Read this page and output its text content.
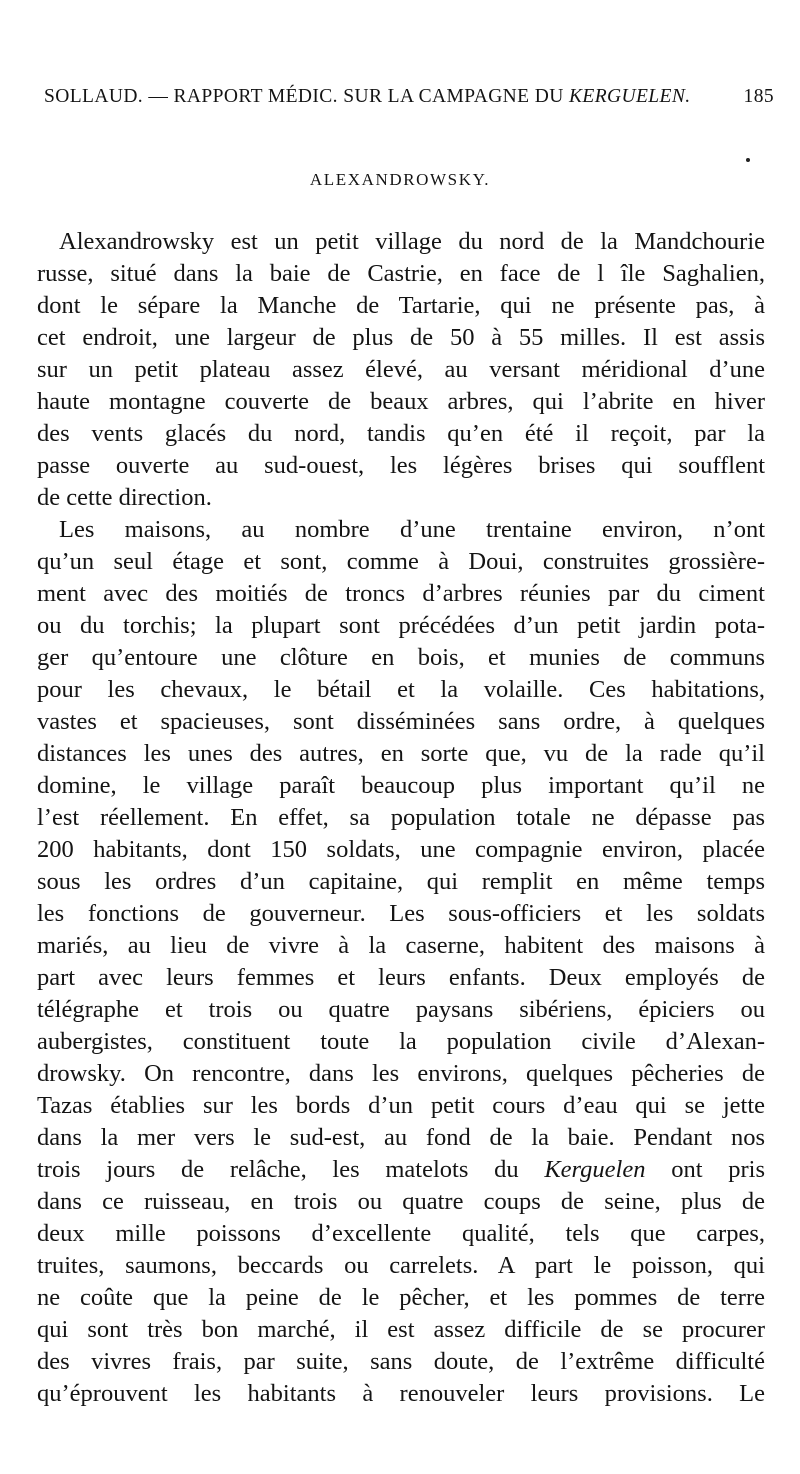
SOLLAUD. — RAPPORT MÉDIC. SUR LA CAMPAGNE DU KERGUELEN.	185
ALEXANDROWSKY.
Alexandrowsky est un petit village du nord de la Mandchourie
russe, situé dans la baie de Castrie, en face de l île Saghalien,
dont le sépare la Manche de Tartarie, qui ne présente pas, à
cet endroit, une largeur de plus de 50 à 55 milles. Il est assis
sur un petit plateau assez élevé, au versant méridional d’une
haute montagne couverte de beaux arbres, qui l’abrite en hiver
des vents glacés du nord, tandis qu’en été il reçoit, par la
passe ouverte au sud-ouest, les légères brises qui soufflent
de cette direction.
Les maisons, au nombre d’une trentaine environ, n’ont
qu’un seul étage et sont, comme à Doui, construites grossière-
ment avec des moitiés de troncs d’arbres réunies par du ciment
ou du torchis; la plupart sont précédées d’un petit jardin pota-
ger qu’entoure une clôture en bois, et munies de communs
pour les chevaux, le bétail et la volaille. Ces habitations,
vastes et spacieuses, sont disséminées sans ordre, à quelques
distances les unes des autres, en sorte que, vu de la rade qu’il
domine, le village paraît beaucoup plus important qu’il ne
l’est réellement. En effet, sa population totale ne dépasse pas
200 habitants, dont 150 soldats, une compagnie environ, placée
sous les ordres d’un capitaine, qui remplit en même temps
les fonctions de gouverneur. Les sous-officiers et les soldats
mariés, au lieu de vivre à la caserne, habitent des maisons à
part avec leurs femmes et leurs enfants. Deux employés de
télégraphe et trois ou quatre paysans sibériens, épiciers ou
aubergistes, constituent toute la population civile d’Alexan-
drowsky. On rencontre, dans les environs, quelques pêcheries de
Tazas établies sur les bords d’un petit cours d’eau qui se jette
dans la mer vers le sud-est, au fond de la baie. Pendant nos
trois jours de relâche, les matelots du Kerguelen ont pris
dans ce ruisseau, en trois ou quatre coups de seine, plus de
deux mille poissons d’excellente qualité, tels que carpes,
truites, saumons, beccards ou carrelets. A part le poisson, qui
ne coûte que la peine de le pêcher, et les pommes de terre
qui sont très bon marché, il est assez difficile de se procurer
des vivres frais, par suite, sans doute, de l’extrême difficulté
qu’éprouvent les habitants à renouveler leurs provisions. Le
